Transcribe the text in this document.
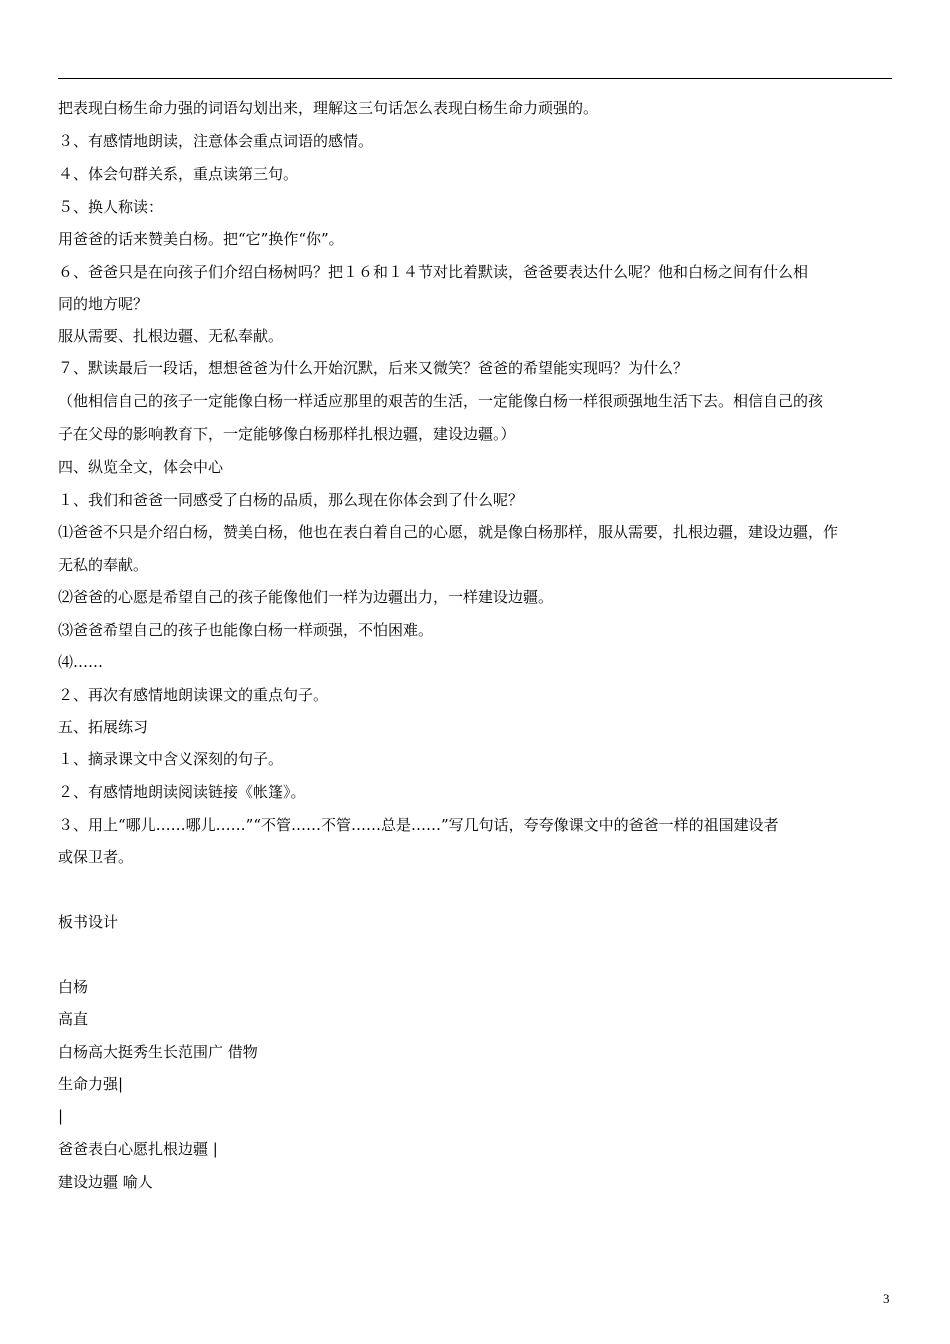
把表现白杨生命力强的词语勾划出来，理解这三句话怎么表现白杨生命力顽强的。
３、有感情地朗读，注意体会重点词语的感情。
４、体会句群关系，重点读第三句。
５、换人称读：
用爸爸的话来赞美白杨。把“它”换作“你”。
６、爸爸只是在向孩子们介绍白杨树吗？把１６和１４节对比着默读，爸爸要表达什么呢？他和白杨之间有什么相
同的地方呢？
服从需要、扎根边疆、无私奉献。
７、默读最后一段话，想想爸爸为什么开始沉默，后来又微笑？爸爸的希望能实现吗？为什么？
（他相信自己的孩子一定能像白杨一样适应那里的艰苦的生活，一定能像白杨一样很顽强地生活下去。相信自己的孩
子在父母的影响教育下，一定能够像白杨那样扎根边疆，建设边疆。）
四、纵览全文，体会中心
１、我们和爸爸一同感受了白杨的品质，那么现在你体会到了什么呢？
⑴爸爸不只是介绍白杨，赞美白杨，他也在表白着自己的心愿，就是像白杨那样，服从需要，扎根边疆，建设边疆，作
无私的奉献。
⑵爸爸的心愿是希望自己的孩子能像他们一样为边疆出力，一样建设边疆。
⑶爸爸希望自己的孩子也能像白杨一样顽强，不怕困难。
⑷……
２、再次有感情地朗读课文的重点句子。
五、拓展练习
１、摘录课文中含义深刻的句子。
２、有感情地朗读阅读链接《帐篷》。
３、用上“哪儿……哪儿……”“不管……不管……总是……”写几句话，夸夸像课文中的爸爸一样的祖国建设者
或保卫者。
板书设计
白杨
高直
白杨高大挺秀生长范围广 借物
生命力强|
|
爸爸表白心愿扎根边疆 |
建设边疆 喻人
3
